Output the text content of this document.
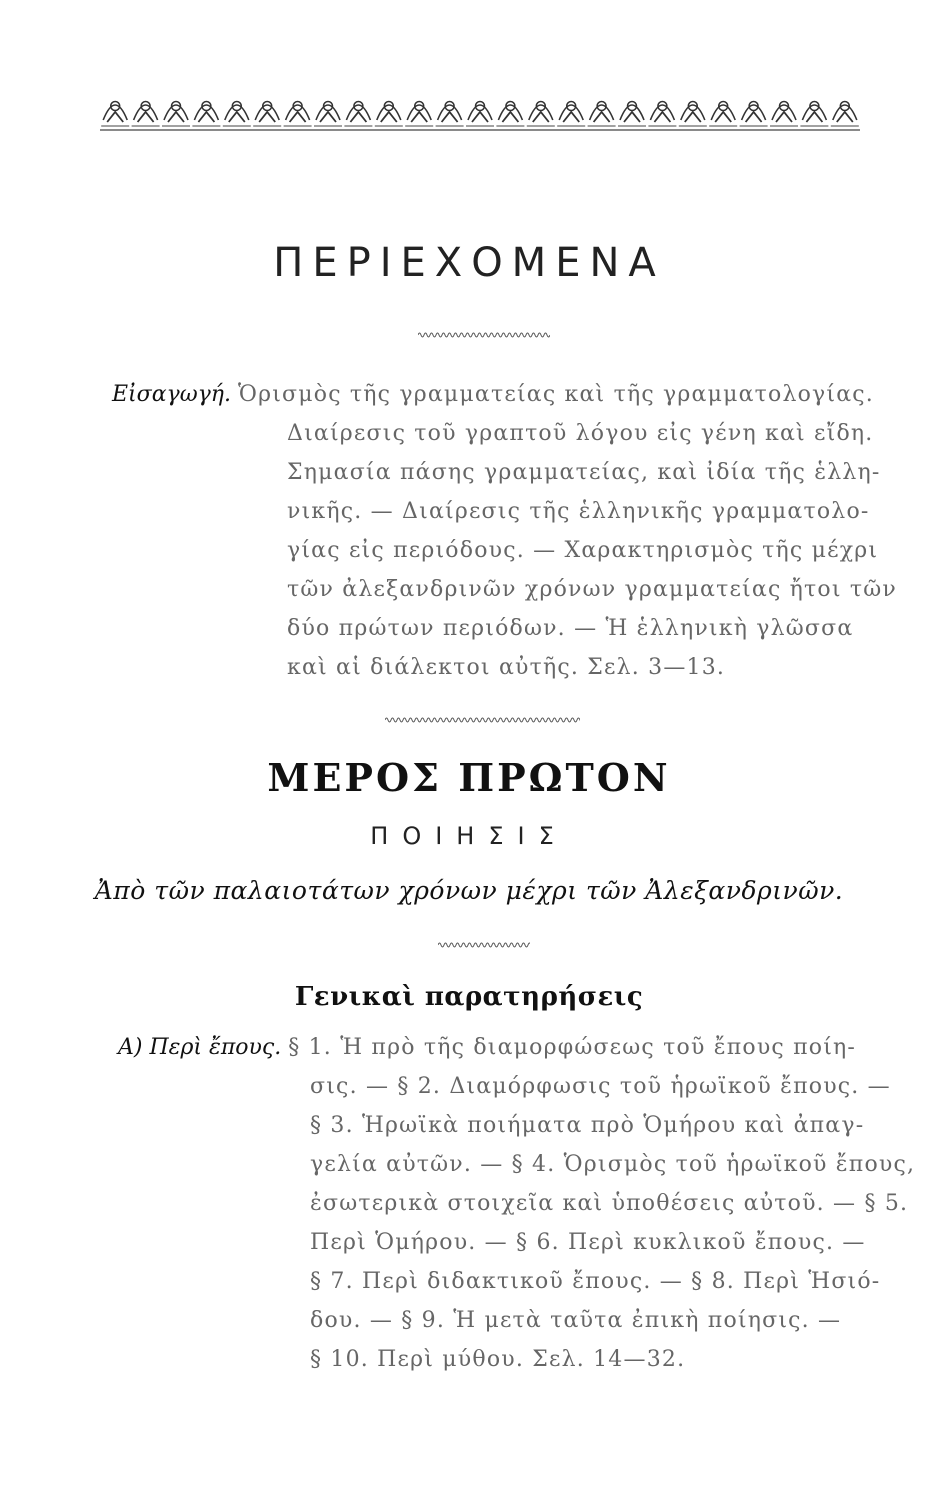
ΠΕΡΙΕΧΟΜΕΝΑ
Εἰσαγωγή. Ὁρισμὸς τῆς γραμματείας καὶ τῆς γραμματολογίας.
Διαίρεσις τοῦ γραπτοῦ λόγου εἰς γένη καὶ εἴδη.
Σημασία πάσης γραμματείας, καὶ ἰδία τῆς ἑλλη-
νικῆς. — Διαίρεσις τῆς ἑλληνικῆς γραμματολο-
γίας εἰς περιόδους. — Χαρακτηρισμὸς τῆς μέχρι
τῶν ἀλεξανδρινῶν χρόνων γραμματείας ἤτοι τῶν
δύο πρώτων περιόδων. — Ἡ ἑλληνικὴ γλῶσσα
καὶ αἱ διάλεκτοι αὐτῆς. Σελ. 3—13.
ΜΕΡΟΣ ΠΡΩΤΟΝ
ΠΟΙΗΣΙΣ
Ἀπὸ τῶν παλαιοτάτων χρόνων μέχρι τῶν Ἀλεξανδρινῶν.
Γενικαὶ παρατηρήσεις
Α) Περὶ ἔπους. § 1. Ἡ πρὸ τῆς διαμορφώσεως τοῦ ἔπους ποίη-
σις. — § 2. Διαμόρφωσις τοῦ ἡρωϊκοῦ ἔπους. —
§ 3. Ἡρωϊκὰ ποιήματα πρὸ Ὁμήρου καὶ ἀπαγ-
γελία αὐτῶν. — § 4. Ὁρισμὸς τοῦ ἡρωϊκοῦ ἔπους,
ἐσωτερικὰ στοιχεῖα καὶ ὑποθέσεις αὐτοῦ. — § 5.
Περὶ Ὁμήρου. — § 6. Περὶ κυκλικοῦ ἔπους. —
§ 7. Περὶ διδακτικοῦ ἔπους. — § 8. Περὶ Ἡσιό-
δου. — § 9. Ἡ μετὰ ταῦτα ἐπικὴ ποίησις. —
§ 10. Περὶ μύθου. Σελ. 14—32.
